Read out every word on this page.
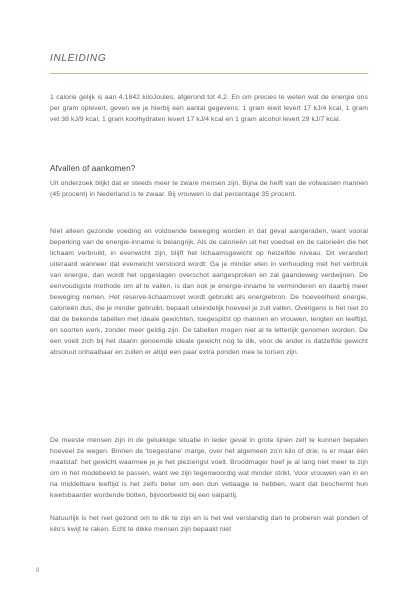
INLEIDING

1 calorie gelijk is aan 4,1842 kiloJoules, afgerond tot 4,2. En om precies te weten wat de energie ons per gram oplevert, geven we je hierbij een aantal gegevens: 1 gram eiwit levert 17 kJ/4 kcal, 1 gram vet 38 kJ/9 kcal, 1 gram koolhydraten levert 17 kJ/4 kcal en 1 gram alcohol levert 29 kJ/7 kcal.

Afvallen of aankomen?

Uit onderzoek blijkt dat er steeds meer te zware mensen zijn. Bijna de helft van de volwassen mannen (45 procent) in Nederland is te zwaar. Bij vrouwen is dat percentage 35 procent.

Niet alleen gezonde voeding en voldoende beweging worden in dat geval aangeraden, want vooral beperking van de energie-inname is belangrijk. Als de calorieën uit het voedsel en de calorieën die het lichaam verbruikt, in evenwicht zijn, blijft het lichaamsgewicht op hetzelfde niveau. Dit verandert uiteraard wanneer dat evenwicht verstoord wordt: Ga je minder eten in verhouding met het verbruik van energie, dan wordt het opgeslagen overschot aangesproken en zal gaandeweg verdwijnen. De eenvoudigste methode om af te vallen, is dan ook je energie-inname te verminderen en daarbij meer beweging nemen. Het reserve-lichaamsvet wordt gebruikt als energiebron. De hoeveelheid energie, calorieën dus, die je minder gebruikt, bepaalt uiteindelijk hoeveel je zult vallen. Overigens is het niet zo dat de bekende tabellen met ideale gewichten, toegespitst op mannen en vrouwen, lengten en leeftijd, en soorten werk, zonder meer geldig zijn. De tabellen mogen niet al te letterlijk genomen worden. De een voelt zich bij het daarin genoemde ideale gewicht nog te dik, voor de ander is datzelfde gewicht absoluut onhaalbaar en zullen er altijd een paar extra ponden mee te torsen zijn.

De meeste mensen zijn in de gelukkige situatie in ieder geval in grote lijnen zelf te kunnen bepalen hoeveel ze wegen. Binnen de 'toegestane' marge, over het algemeen zo'n kilo of drie, is er maar één maatstaf: het gewicht waarmee je je het plezierigst voelt. Broodmager hoef je al lang niet meer te zijn om in het modebeeld te passen, want we zijn tegenwoordig wat minder strikt. Voor vrouwen van in en na middelbare leeftijd is het zelfs beter om een dun vetlaagje te hebben, want dat beschermt hun kwetsbaarder wordende botten, bijvoorbeeld bij een valpartij.

Natuurlijk is het niet gezond om te dik te zijn en is het wel verstandig dan te proberen wat ponden of kilo's kwijt te raken. Echt te dikke mensen zijn bepaald niet

8
